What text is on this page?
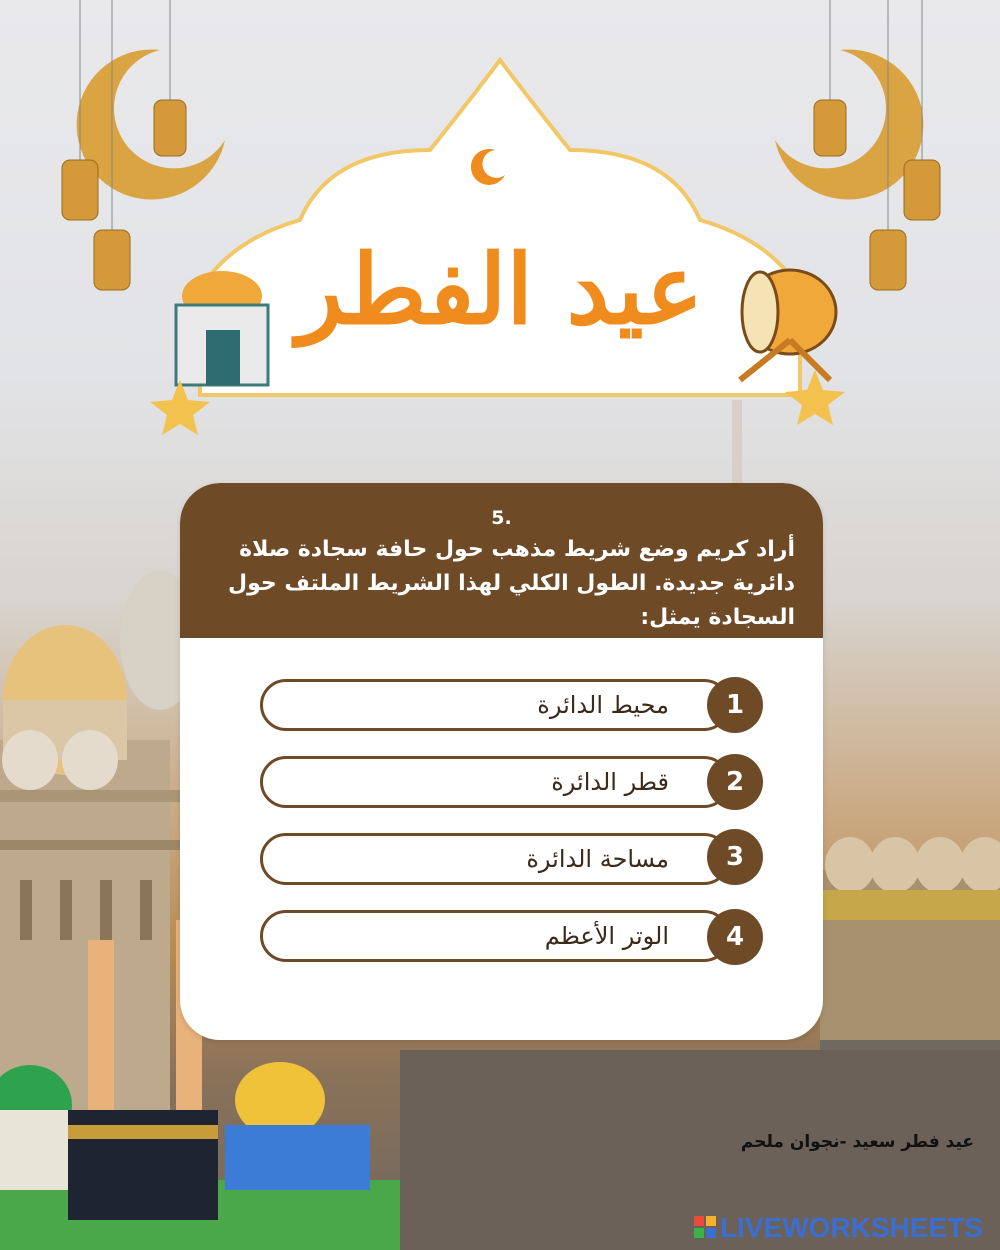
عيد الفطر
5.
أراد كريم وضع شريط مذهب حول حافة سجادة صلاة دائرية جديدة. الطول الكلي لهذا الشريط الملتف حول السجادة يمثل:
محيط الدائرة	1
قطر الدائرة	2
مساحة الدائرة	3
الوتر الأعظم	4
عيد فطر سعيد -نجوان ملحم
LIVEWORKSHEETS
